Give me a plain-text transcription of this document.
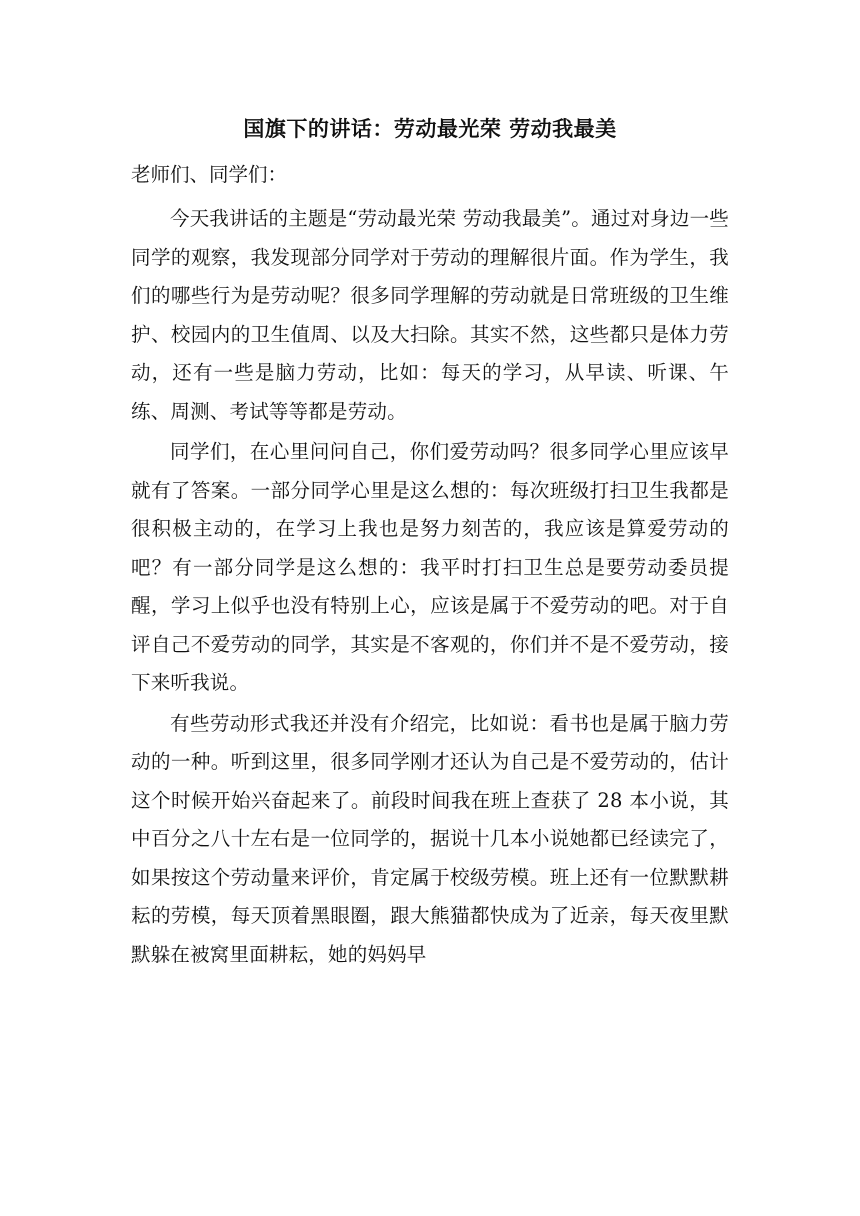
国旗下的讲话：劳动最光荣 劳动我最美
老师们、同学们：

今天我讲话的主题是“劳动最光荣 劳动我最美”。通过对身边一些同学的观察，我发现部分同学对于劳动的理解很片面。作为学生，我们的哪些行为是劳动呢？很多同学理解的劳动就是日常班级的卫生维护、校园内的卫生值周、以及大扫除。其实不然，这些都只是体力劳动，还有一些是脑力劳动，比如：每天的学习，从早读、听课、午练、周测、考试等等都是劳动。

同学们，在心里问问自己，你们爱劳动吗？很多同学心里应该早就有了答案。一部分同学心里是这么想的：每次班级打扫卫生我都是很积极主动的，在学习上我也是努力刻苦的，我应该是算爱劳动的吧？有一部分同学是这么想的：我平时打扫卫生总是要劳动委员提醒，学习上似乎也没有特别上心，应该是属于不爱劳动的吧。对于自评自己不爱劳动的同学，其实是不客观的，你们并不是不爱劳动，接下来听我说。

有些劳动形式我还并没有介绍完，比如说：看书也是属于脑力劳动的一种。听到这里，很多同学刚才还认为自己是不爱劳动的，估计这个时候开始兴奋起来了。前段时间我在班上查获了 28 本小说，其中百分之八十左右是一位同学的，据说十几本小说她都已经读完了，如果按这个劳动量来评价，肯定属于校级劳模。班上还有一位默默耕耘的劳模，每天顶着黑眼圈，跟大熊猫都快成为了近亲，每天夜里默默躲在被窝里面耕耘，她的妈妈早
